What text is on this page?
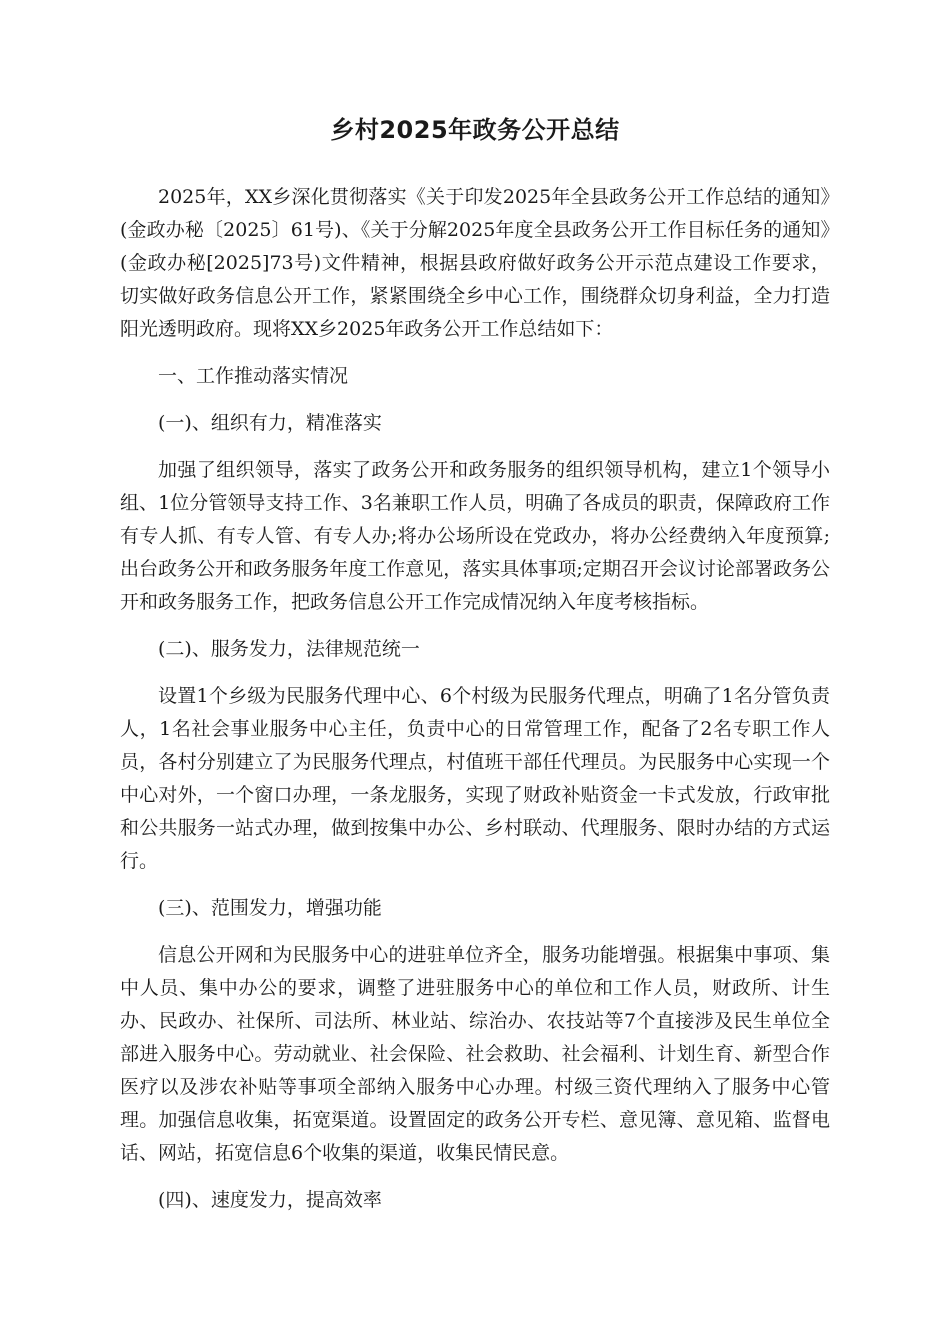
乡村2025年政务公开总结

2025年，XX乡深化贯彻落实《关于印发2025年全县政务公开工作总结的通知》(金政办秘〔2025〕61号)、《关于分解2025年度全县政务公开工作目标任务的通知》(金政办秘[2025]73号)文件精神，根据县政府做好政务公开示范点建设工作要求，切实做好政务信息公开工作，紧紧围绕全乡中心工作，围绕群众切身利益，全力打造阳光透明政府。现将XX乡2025年政务公开工作总结如下：

一、工作推动落实情况

(一)、组织有力，精准落实

加强了组织领导，落实了政务公开和政务服务的组织领导机构，建立1个领导小组、1位分管领导支持工作、3名兼职工作人员，明确了各成员的职责，保障政府工作有专人抓、有专人管、有专人办;将办公场所设在党政办，将办公经费纳入年度预算;出台政务公开和政务服务年度工作意见，落实具体事项;定期召开会议讨论部署政务公开和政务服务工作，把政务信息公开工作完成情况纳入年度考核指标。

(二)、服务发力，法律规范统一

设置1个乡级为民服务代理中心、6个村级为民服务代理点，明确了1名分管负责人，1名社会事业服务中心主任，负责中心的日常管理工作，配备了2名专职工作人员，各村分别建立了为民服务代理点，村值班干部任代理员。为民服务中心实现一个中心对外，一个窗口办理，一条龙服务，实现了财政补贴资金一卡式发放，行政审批和公共服务一站式办理，做到按集中办公、乡村联动、代理服务、限时办结的方式运行。

(三)、范围发力，增强功能

信息公开网和为民服务中心的进驻单位齐全，服务功能增强。根据集中事项、集中人员、集中办公的要求，调整了进驻服务中心的单位和工作人员，财政所、计生办、民政办、社保所、司法所、林业站、综治办、农技站等7个直接涉及民生单位全部进入服务中心。劳动就业、社会保险、社会救助、社会福利、计划生育、新型合作医疗以及涉农补贴等事项全部纳入服务中心办理。村级三资代理纳入了服务中心管理。加强信息收集，拓宽渠道。设置固定的政务公开专栏、意见簿、意见箱、监督电话、网站，拓宽信息6个收集的渠道，收集民情民意。

(四)、速度发力，提高效率
